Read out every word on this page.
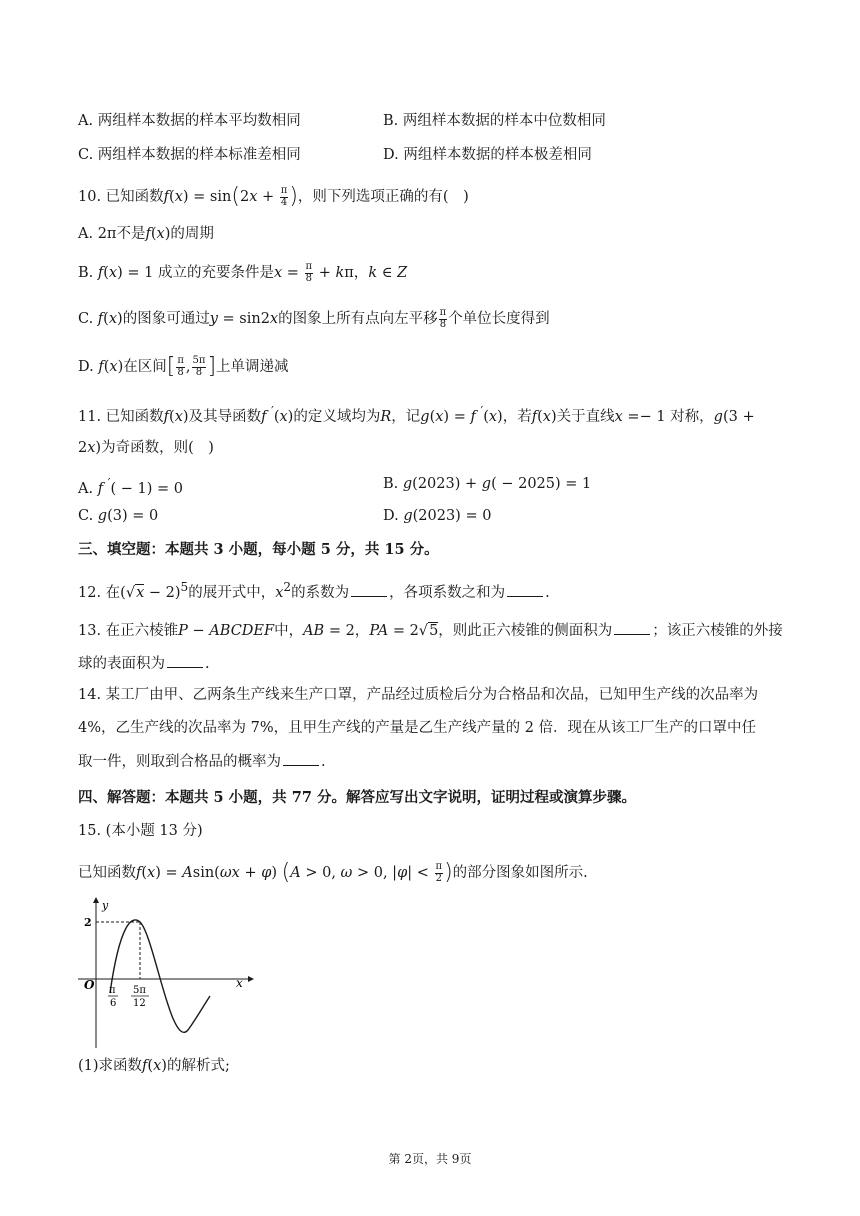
A. 两组样本数据的样本平均数相同	B. 两组样本数据的样本中位数相同
C. 两组样本数据的样本标准差相同	D. 两组样本数据的样本极差相同
10. 已知函数$f(x) = \sin(2x + \frac{\pi}{4}$ )，则下列选项正确的有(　)
A. 2π不是f(x)的周期
B. f(x) = 1 成立的充要条件是$x = \frac{\pi}{8} + k\pi$，k ∈ Z
C. f(x)的图象可通过y = sin2x的图象上所有点向左平移 $\frac{\pi}{8}$ 个单位长度得到
D. f(x)在区间[ $\frac{\pi}{8}$ , $\frac{5\pi}{8}$ ]上单调递减
11. 已知函数f(x)及其导函数f ′(x)的定义域均为R，记g(x) = f ′(x)，若f(x)关于直线x =− 1 对称，g(3 +
2x)为奇函数，则(　)
A. f ′( − 1) = 0	B. g(2023) + g( − 2025) = 1
C. g(3) = 0	D. g(2023) = 0
三、填空题：本题共 3 小题，每小题 5 分，共 15 分。
12. 在$(√x - 2)^5$的展开式中，$x^2$的系数为	，各项系数之和为	.
13. 在正六棱锥P − ABCDEF中，AB = 2，PA = 2√5，则此正六棱锥的侧面积为	；该正六棱锥的外接
球的表面积为	.
14. 某工厂由甲、乙两条生产线来生产口罩，产品经过质检后分为合格品和次品，已知甲生产线的次品率为
4%，乙生产线的次品率为 7%，且甲生产线的产量是乙生产线产量的 2 倍．现在从该工厂生产的口罩中任
取一件，则取到合格品的概率为	.
四、解答题：本题共 5 小题，共 77 分。解答应写出文字说明，证明过程或演算步骤。
15. (本小题 13 分)
已知函数f(x) = Asin(ωx + φ) (A > 0, ω > 0, $|\varphi| < \frac{\pi}{2}$ )的部分图象如图所示.
y
x
O
2
π
6
5π
12
(1)求函数f(x)的解析式;
第 2页，共 9页
